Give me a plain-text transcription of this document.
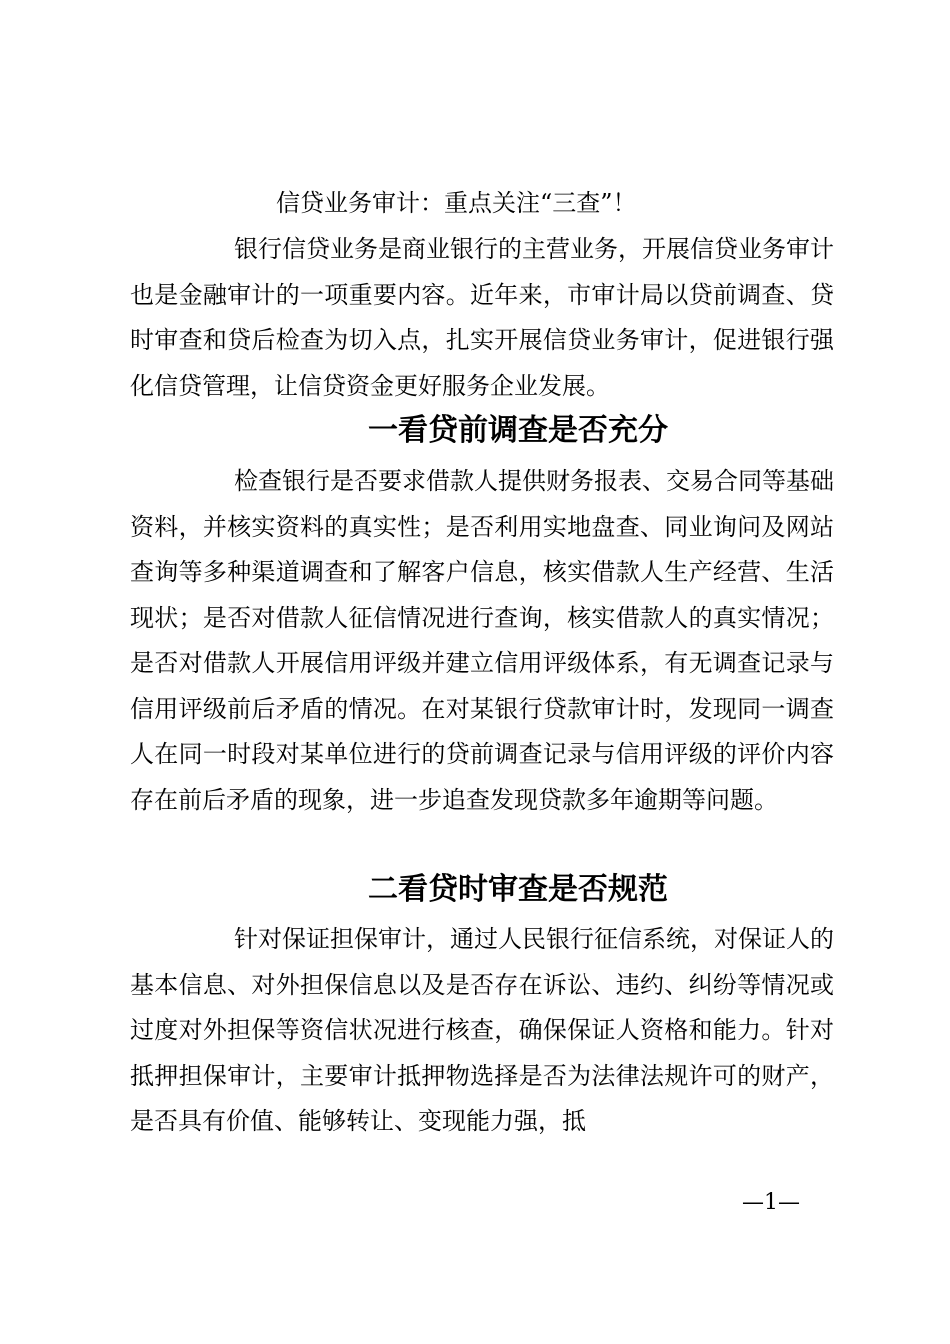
信贷业务审计：重点关注“三查”！

银行信贷业务是商业银行的主营业务，开展信贷业务审计也是金融审计的一项重要内容。近年来，市审计局以贷前调查、贷时审查和贷后检查为切入点，扎实开展信贷业务审计，促进银行强化信贷管理，让信贷资金更好服务企业发展。

一看贷前调查是否充分

检查银行是否要求借款人提供财务报表、交易合同等基础资料，并核实资料的真实性；是否利用实地盘查、同业询问及网站查询等多种渠道调查和了解客户信息，核实借款人生产经营、生活现状；是否对借款人征信情况进行查询，核实借款人的真实情况；是否对借款人开展信用评级并建立信用评级体系，有无调查记录与信用评级前后矛盾的情况。在对某银行贷款审计时，发现同一调查人在同一时段对某单位进行的贷前调查记录与信用评级的评价内容存在前后矛盾的现象，进一步追查发现贷款多年逾期等问题。

二看贷时审查是否规范

针对保证担保审计，通过人民银行征信系统，对保证人的基本信息、对外担保信息以及是否存在诉讼、违约、纠纷等情况或过度对外担保等资信状况进行核查，确保保证人资格和能力。针对抵押担保审计，主要审计抵押物选择是否为法律法规许可的财产，是否具有价值、能够转让、变现能力强，抵

—1—
